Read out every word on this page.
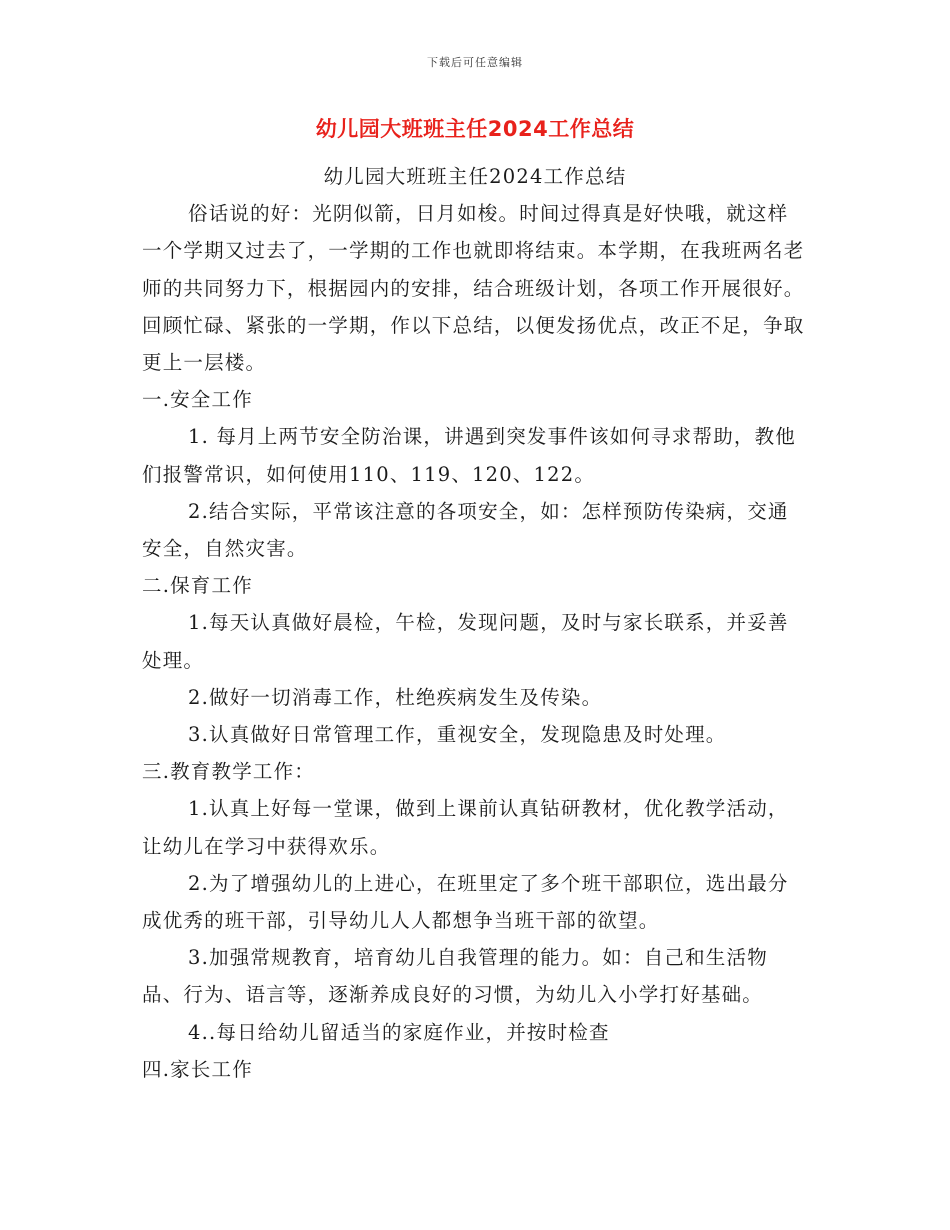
下载后可任意编辑
幼儿园大班班主任2024工作总结

幼儿园大班班主任2024工作总结

俗话说的好：光阴似箭，日月如梭。时间过得真是好快哦，就这样一个学期又过去了，一学期的工作也就即将结束。本学期，在我班两名老师的共同努力下，根据园内的安排，结合班级计划，各项工作开展很好。回顾忙碌、紧张的一学期，作以下总结，以便发扬优点，改正不足，争取更上一层楼。

一.安全工作

1. 每月上两节安全防治课，讲遇到突发事件该如何寻求帮助，教他们报警常识，如何使用110、119、120、122。

2.结合实际，平常该注意的各项安全，如：怎样预防传染病，交通安全，自然灾害。

二.保育工作

1.每天认真做好晨检，午检，发现问题，及时与家长联系，并妥善处理。

2.做好一切消毒工作，杜绝疾病发生及传染。

3.认真做好日常管理工作，重视安全，发现隐患及时处理。

三.教育教学工作：

1.认真上好每一堂课，做到上课前认真钻研教材，优化教学活动，让幼儿在学习中获得欢乐。

2.为了增强幼儿的上进心，在班里定了多个班干部职位，选出最分成优秀的班干部，引导幼儿人人都想争当班干部的欲望。

3.加强常规教育，培育幼儿自我管理的能力。如：自己和生活物品、行为、语言等，逐渐养成良好的习惯，为幼儿入小学打好基础。

4..每日给幼儿留适当的家庭作业，并按时检查

四.家长工作
